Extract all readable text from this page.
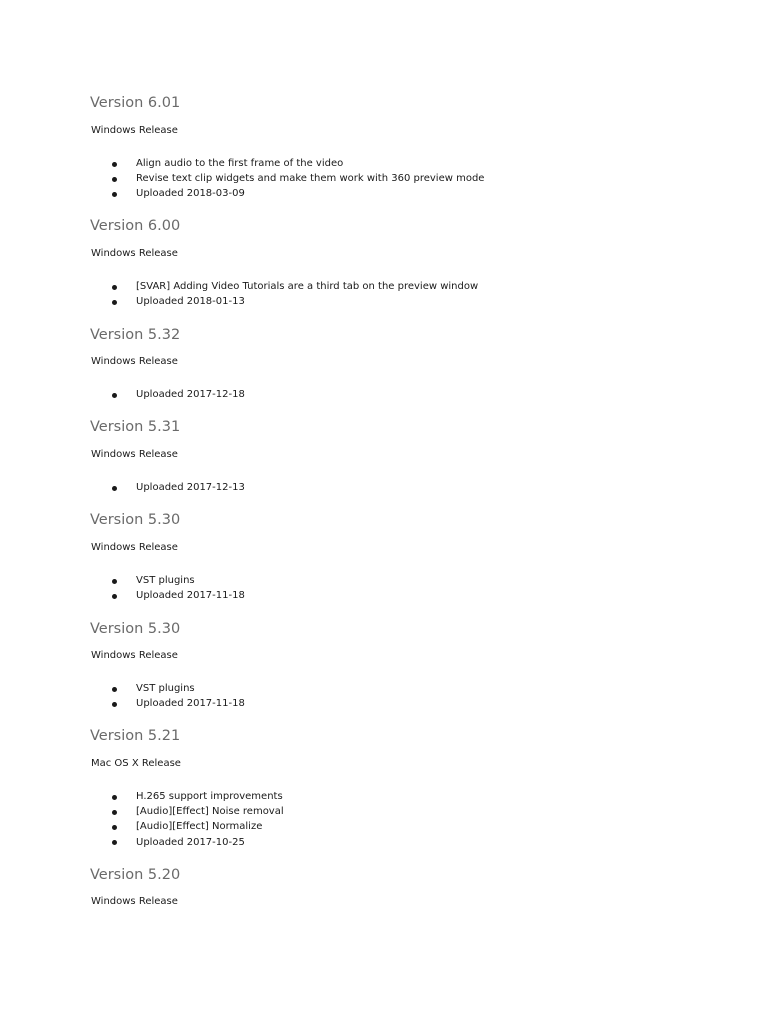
Version 6.01

Windows Release

Align audio to the first frame of the video
Revise text clip widgets and make them work with 360 preview mode
Uploaded 2018-03-09
Version 6.00

Windows Release

[SVAR] Adding Video Tutorials are a third tab on the preview window
Uploaded 2018-01-13
Version 5.32

Windows Release

Uploaded 2017-12-18
Version 5.31

Windows Release

Uploaded 2017-12-13
Version 5.30

Windows Release

VST plugins
Uploaded 2017-11-18
Version 5.30

Windows Release

VST plugins
Uploaded 2017-11-18
Version 5.21

Mac OS X Release

H.265 support improvements
[Audio][Effect] Noise removal
[Audio][Effect] Normalize
Uploaded 2017-10-25
Version 5.20

Windows Release
